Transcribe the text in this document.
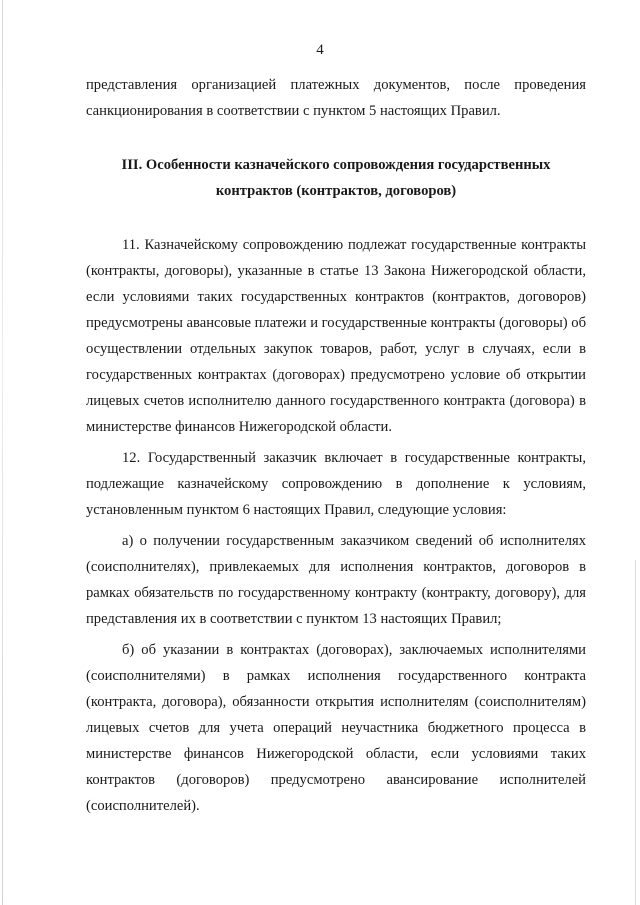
4

представления организацией платежных документов, после проведения санкционирования в соответствии с пунктом 5 настоящих Правил.

III. Особенности казначейского сопровождения государственных контрактов (контрактов, договоров)

11. Казначейскому сопровождению подлежат государственные контракты (контракты, договоры), указанные в статье 13 Закона Нижегородской области, если условиями таких государственных контрактов (контрактов, договоров) предусмотрены авансовые платежи и государственные контракты (договоры) об осуществлении отдельных закупок товаров, работ, услуг в случаях, если в государственных контрактах (договорах) предусмотрено условие об открытии лицевых счетов исполнителю данного государственного контракта (договора) в министерстве финансов Нижегородской области.

12. Государственный заказчик включает в государственные контракты, подлежащие казначейскому сопровождению в дополнение к условиям, установленным пунктом 6 настоящих Правил, следующие условия:

а) о получении государственным заказчиком сведений об исполнителях (соисполнителях), привлекаемых для исполнения контрактов, договоров в рамках обязательств по государственному контракту (контракту, договору), для представления их в соответствии с пунктом 13 настоящих Правил;

б) об указании в контрактах (договорах), заключаемых исполнителями (соисполнителями) в рамках исполнения государственного контракта (контракта, договора), обязанности открытия исполнителям (соисполнителям) лицевых счетов для учета операций неучастника бюджетного процесса в министерстве финансов Нижегородской области, если условиями таких контрактов (договоров) предусмотрено авансирование исполнителей (соисполнителей).
